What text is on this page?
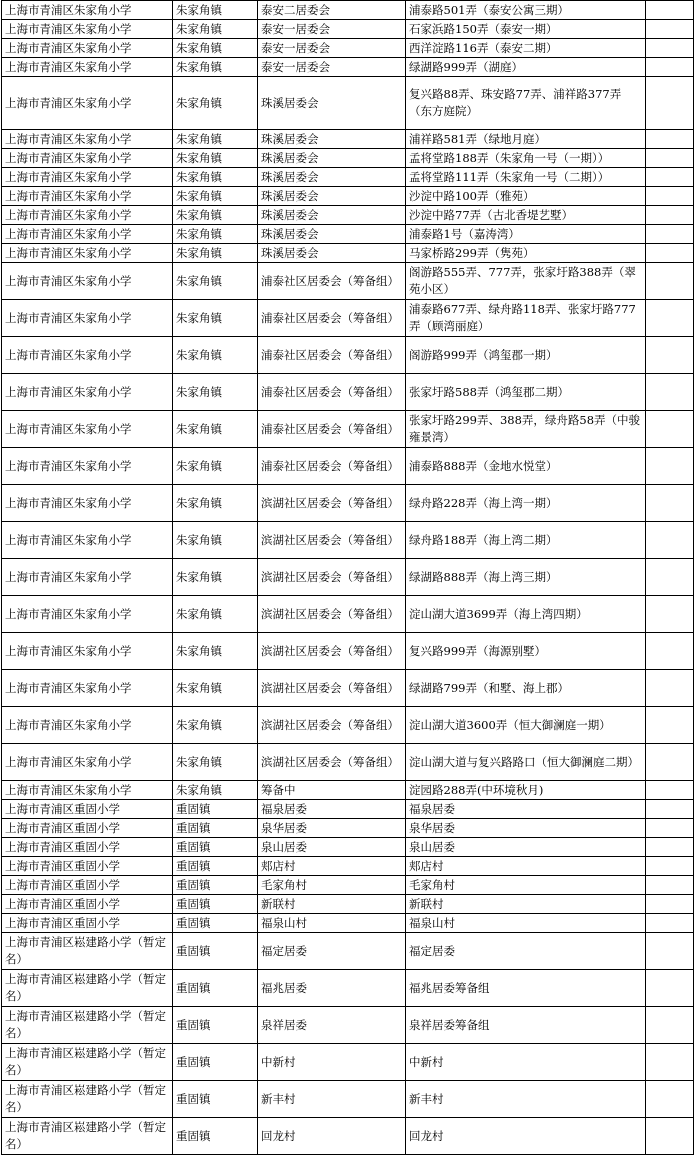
上海市青浦区朱家角小学	朱家角镇	泰安二居委会	浦泰路501弄（泰安公寓三期）	
上海市青浦区朱家角小学	朱家角镇	泰安一居委会	石家浜路150弄（泰安一期）	
上海市青浦区朱家角小学	朱家角镇	泰安一居委会	西洋淀路116弄（泰安二期）	
上海市青浦区朱家角小学	朱家角镇	泰安一居委会	绿湖路999弄（湖庭）	
上海市青浦区朱家角小学	朱家角镇	珠溪居委会	复兴路88弄、珠安路77弄、浦祥路377弄（东方庭院）	
上海市青浦区朱家角小学	朱家角镇	珠溪居委会	浦祥路581弄（绿地月庭）	
上海市青浦区朱家角小学	朱家角镇	珠溪居委会	孟将堂路188弄（朱家角一号（一期））	
上海市青浦区朱家角小学	朱家角镇	珠溪居委会	孟将堂路111弄（朱家角一号（二期））	
上海市青浦区朱家角小学	朱家角镇	珠溪居委会	沙淀中路100弄（雅苑）	
上海市青浦区朱家角小学	朱家角镇	珠溪居委会	沙淀中路77弄（古北香堤艺墅）	
上海市青浦区朱家角小学	朱家角镇	珠溪居委会	浦泰路1号（嘉涛湾）	
上海市青浦区朱家角小学	朱家角镇	珠溪居委会	马家桥路299弄（隽苑）	
上海市青浦区朱家角小学	朱家角镇	浦泰社区居委会（筹备组）	阁游路555弄、777弄，张家圩路388弄（翠苑小区）	
上海市青浦区朱家角小学	朱家角镇	浦泰社区居委会（筹备组）	浦泰路677弄、绿舟路118弄、张家圩路777弄（顾湾丽庭）	
上海市青浦区朱家角小学	朱家角镇	浦泰社区居委会（筹备组）	阁游路999弄（鸿玺郡一期）	
上海市青浦区朱家角小学	朱家角镇	浦泰社区居委会（筹备组）	张家圩路588弄（鸿玺郡二期）	
上海市青浦区朱家角小学	朱家角镇	浦泰社区居委会（筹备组）	张家圩路299弄、388弄，绿舟路58弄（中骏雍景湾）	
上海市青浦区朱家角小学	朱家角镇	浦泰社区居委会（筹备组）	浦泰路888弄（金地水悦堂）	
上海市青浦区朱家角小学	朱家角镇	滨湖社区居委会（筹备组）	绿舟路228弄（海上湾一期）	
上海市青浦区朱家角小学	朱家角镇	滨湖社区居委会（筹备组）	绿舟路188弄（海上湾二期）	
上海市青浦区朱家角小学	朱家角镇	滨湖社区居委会（筹备组）	绿湖路888弄（海上湾三期）	
上海市青浦区朱家角小学	朱家角镇	滨湖社区居委会（筹备组）	淀山湖大道3699弄（海上湾四期）	
上海市青浦区朱家角小学	朱家角镇	滨湖社区居委会（筹备组）	复兴路999弄（海源别墅）	
上海市青浦区朱家角小学	朱家角镇	滨湖社区居委会（筹备组）	绿湖路799弄（和墅、海上郡）	
上海市青浦区朱家角小学	朱家角镇	滨湖社区居委会（筹备组）	淀山湖大道3600弄（恒大御澜庭一期）	
上海市青浦区朱家角小学	朱家角镇	滨湖社区居委会（筹备组）	淀山湖大道与复兴路路口（恒大御澜庭二期）	
上海市青浦区朱家角小学	朱家角镇	筹备中	淀园路288弄(中环境秋月)	
上海市青浦区重固小学	重固镇	福泉居委	福泉居委	
上海市青浦区重固小学	重固镇	泉华居委	泉华居委	
上海市青浦区重固小学	重固镇	泉山居委	泉山居委	
上海市青浦区重固小学	重固镇	郏店村	郏店村	
上海市青浦区重固小学	重固镇	毛家角村	毛家角村	
上海市青浦区重固小学	重固镇	新联村	新联村	
上海市青浦区重固小学	重固镇	福泉山村	福泉山村	
上海市青浦区崧建路小学（暂定名）	重固镇	福定居委	福定居委	
上海市青浦区崧建路小学（暂定名）	重固镇	福兆居委	福兆居委筹备组	
上海市青浦区崧建路小学（暂定名）	重固镇	泉祥居委	泉祥居委筹备组	
上海市青浦区崧建路小学（暂定名）	重固镇	中新村	中新村	
上海市青浦区崧建路小学（暂定名）	重固镇	新丰村	新丰村	
上海市青浦区崧建路小学（暂定名）	重固镇	回龙村	回龙村	
